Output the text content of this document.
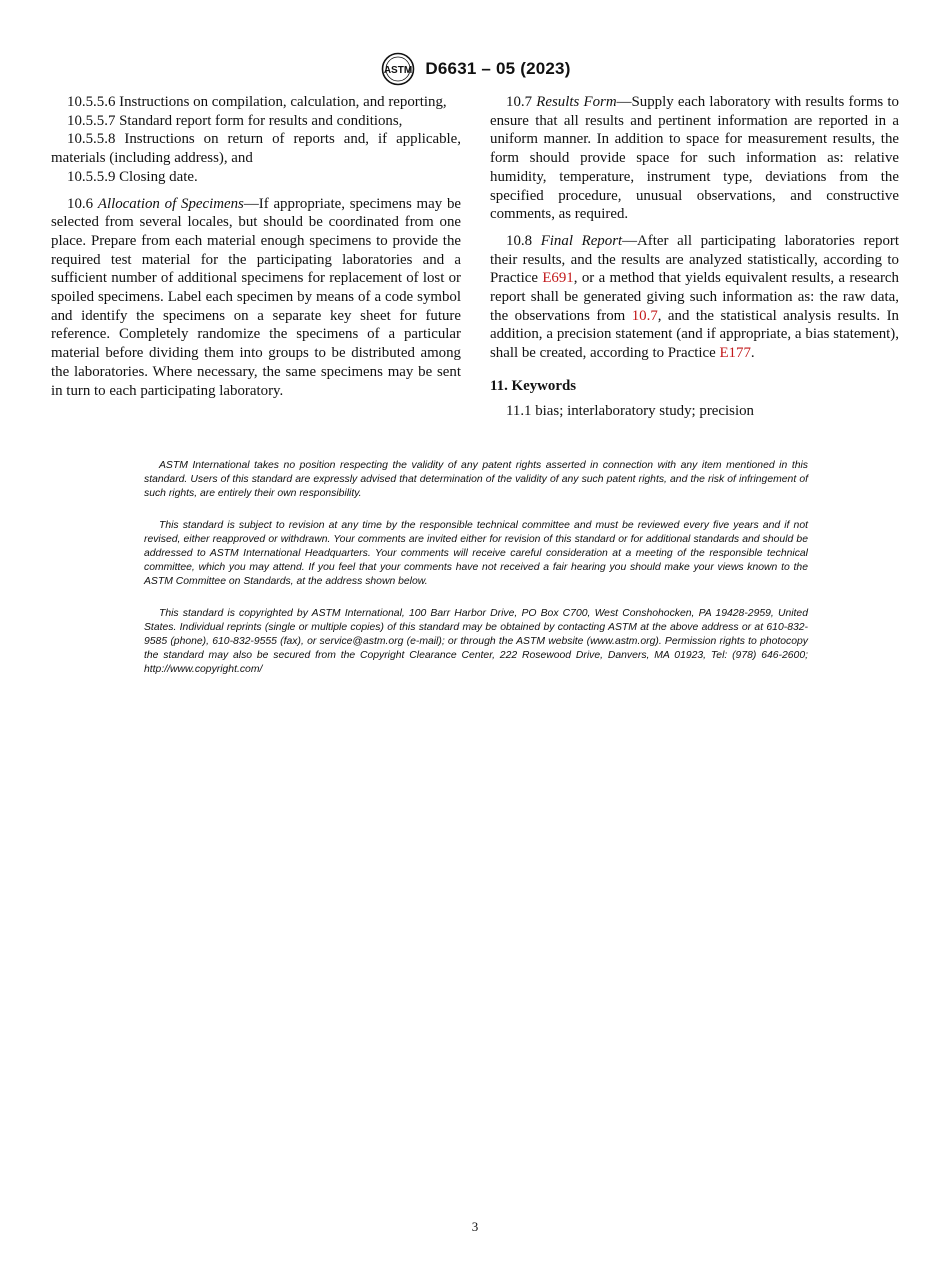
ASTM D6631 – 05 (2023)

10.5.5.6 Instructions on compilation, calculation, and reporting,

10.5.5.7 Standard report form for results and conditions,

10.5.5.8 Instructions on return of reports and, if applicable, materials (including address), and

10.5.5.9 Closing date.

10.6 Allocation of Specimens—If appropriate, specimens may be selected from several locales, but should be coordinated from one place. Prepare from each material enough specimens to provide the required test material for the participating laboratories and a sufficient number of additional specimens for replacement of lost or spoiled specimens. Label each specimen by means of a code symbol and identify the specimens on a separate key sheet for future reference. Completely randomize the specimens of a particular material before dividing them into groups to be distributed among the laboratories. Where necessary, the same specimens may be sent in turn to each participating laboratory.

10.7 Results Form—Supply each laboratory with results forms to ensure that all results and pertinent information are reported in a uniform manner. In addition to space for measurement results, the form should provide space for such information as: relative humidity, temperature, instrument type, deviations from the specified procedure, unusual observations, and constructive comments, as required.

10.8 Final Report—After all participating laboratories report their results, and the results are analyzed statistically, according to Practice E691, or a method that yields equivalent results, a research report shall be generated giving such information as: the raw data, the observations from 10.7, and the statistical analysis results. In addition, a precision statement (and if appropriate, a bias statement), shall be created, according to Practice E177.

11. Keywords

11.1 bias; interlaboratory study; precision

ASTM International takes no position respecting the validity of any patent rights asserted in connection with any item mentioned in this standard. Users of this standard are expressly advised that determination of the validity of any such patent rights, and the risk of infringement of such rights, are entirely their own responsibility.

This standard is subject to revision at any time by the responsible technical committee and must be reviewed every five years and if not revised, either reapproved or withdrawn. Your comments are invited either for revision of this standard or for additional standards and should be addressed to ASTM International Headquarters. Your comments will receive careful consideration at a meeting of the responsible technical committee, which you may attend. If you feel that your comments have not received a fair hearing you should make your views known to the ASTM Committee on Standards, at the address shown below.

This standard is copyrighted by ASTM International, 100 Barr Harbor Drive, PO Box C700, West Conshohocken, PA 19428-2959, United States. Individual reprints (single or multiple copies) of this standard may be obtained by contacting ASTM at the above address or at 610-832-9585 (phone), 610-832-9555 (fax), or service@astm.org (e-mail); or through the ASTM website (www.astm.org). Permission rights to photocopy the standard may also be secured from the Copyright Clearance Center, 222 Rosewood Drive, Danvers, MA 01923, Tel: (978) 646-2600; http://www.copyright.com/

3
